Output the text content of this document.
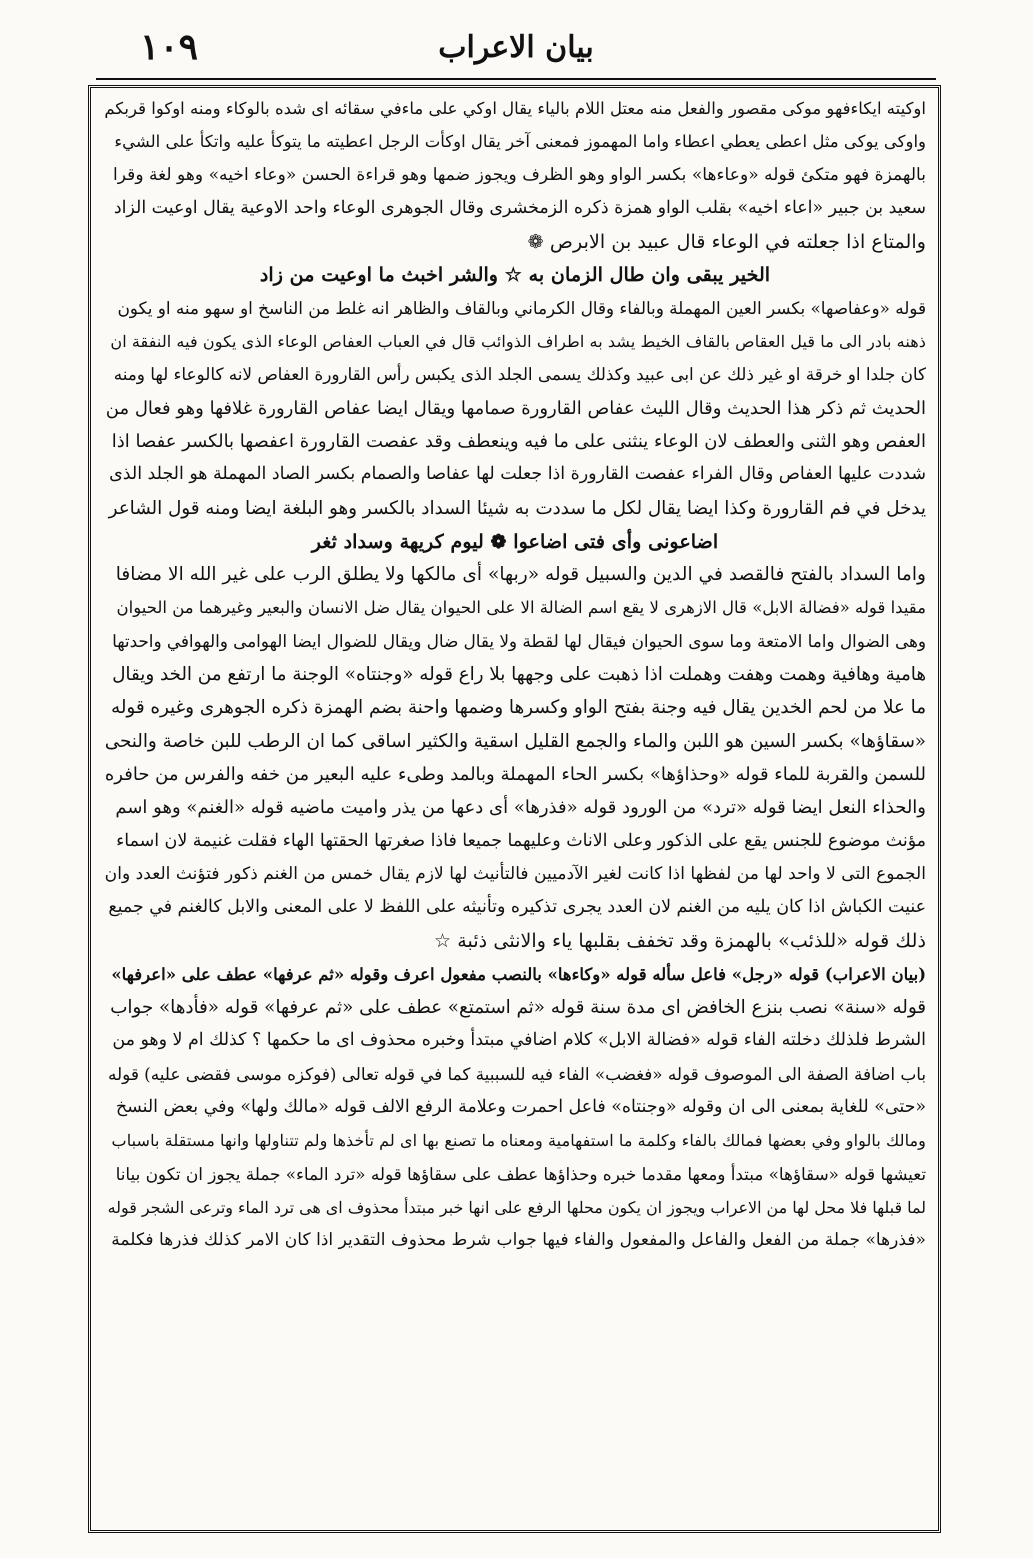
١٠٩	بيان الاعراب
اوكيته ايكاءفهو موكى مقصور والفعل منه معتل اللام بالياء يقال اوكي على ماءفي سقائه اى شده بالوكاء ومنه اوكوا قربكم
واوكى يوكى مثل اعطى يعطي اعطاء واما المهموز فمعنى آخر يقال اوكأت الرجل اعطيته ما يتوكأ عليه واتكأ على الشيء
بالهمزة فهو متكئ قوله «وعاءها» بكسر الواو وهو الظرف ويجوز ضمها وهو قراءة الحسن «وعاء اخيه» وهو لغة وقرا
سعيد بن جبير «اعاء اخيه» بقلب الواو همزة ذكره الزمخشرى وقال الجوهرى الوعاء واحد الاوعية يقال اوعيت الزاد
والمتاع اذا جعلته في الوعاء قال عبيد بن الابرص ❁
الخير يبقى وان طال الزمان به ☆ والشر اخبث ما اوعيت من زاد
قوله «وعفاصها» بكسر العين المهملة وبالفاء وقال الكرماني وبالقاف والظاهر انه غلط من الناسخ او سهو منه او يكون
ذهنه بادر الى ما قيل العقاص بالقاف الخيط يشد به اطراف الذوائب قال في العباب العفاص الوعاء الذى يكون فيه النفقة ان
كان جلدا او خرقة او غير ذلك عن ابى عبيد وكذلك يسمى الجلد الذى يكبس رأس القارورة العفاص لانه كالوعاء لها ومنه
الحديث ثم ذكر هذا الحديث وقال الليث عفاص القارورة صمامها ويقال ايضا عفاص القارورة غلافها وهو فعال من
العفص وهو الثنى والعطف لان الوعاء ينثنى على ما فيه وينعطف وقد عفصت القارورة اعفصها بالكسر عفصا اذا
شددت عليها العفاص وقال الفراء عفصت القارورة اذا جعلت لها عفاصا والصمام بكسر الصاد المهملة هو الجلد الذى
يدخل في فم القارورة وكذا ايضا يقال لكل ما سددت به شيئا السداد بالكسر وهو البلغة ايضا ومنه قول الشاعر
اضاعونى وأى فتى اضاعوا ❁ ليوم كريهة وسداد ثغر
واما السداد بالفتح فالقصد في الدين والسبيل قوله «ربها» أى مالكها ولا يطلق الرب على غير الله الا مضافا
مقيدا قوله «فضالة الابل» قال الازهرى لا يقع اسم الضالة الا على الحيوان يقال ضل الانسان والبعير وغيرهما من الحيوان
وهى الضوال واما الامتعة وما سوى الحيوان فيقال لها لقطة ولا يقال ضال ويقال للضوال ايضا الهوامى والهوافي واحدتها
هامية وهافية وهمت وهفت وهملت اذا ذهبت على وجهها بلا راع قوله «وجنتاه» الوجنة ما ارتفع من الخد ويقال
ما علا من لحم الخدين يقال فيه وجنة بفتح الواو وكسرها وضمها واحنة بضم الهمزة ذكره الجوهرى وغيره قوله
«سقاؤها» بكسر السين هو اللبن والماء والجمع القليل اسقية والكثير اساقى كما ان الرطب للبن خاصة والنحى
للسمن والقربة للماء قوله «وحذاؤها» بكسر الحاء المهملة وبالمد وطىء عليه البعير من خفه والفرس من حافره
والحذاء النعل ايضا قوله «ترد» من الورود قوله «فذرها» أى دعها من يذر واميت ماضيه قوله «الغنم» وهو اسم
مؤنث موضوع للجنس يقع على الذكور وعلى الاناث وعليهما جميعا فاذا صغرتها الحقتها الهاء فقلت غنيمة لان اسماء
الجموع التى لا واحد لها من لفظها اذا كانت لغير الآدميين فالتأنيث لها لازم يقال خمس من الغنم ذكور فتؤنث العدد وان
عنيت الكباش اذا كان يليه من الغنم لان العدد يجرى تذكيره وتأنيثه على اللفظ لا على المعنى والابل كالغنم في جميع
ذلك قوله «للذئب» بالهمزة وقد تخفف بقلبها ياء والانثى ذئبة ☆
(بيان الاعراب) قوله «رجل» فاعل سأله قوله «وكاءها» بالنصب مفعول اعرف وقوله «ثم عرفها» عطف على «اعرفها»
قوله «سنة» نصب بنزع الخافض اى مدة سنة قوله «ثم استمتع» عطف على «ثم عرفها» قوله «فأدها» جواب
الشرط فلذلك دخلته الفاء قوله «فضالة الابل» كلام اضافي مبتدأ وخبره محذوف اى ما حكمها ؟ كذلك ام لا وهو من
باب اضافة الصفة الى الموصوف قوله «فغضب» الفاء فيه للسببية كما في قوله تعالى (فوكزه موسى فقضى عليه) قوله
«حتى» للغاية بمعنى الى ان وقوله «وجنتاه» فاعل احمرت وعلامة الرفع الالف قوله «مالك ولها» وفي بعض النسخ
ومالك بالواو وفي بعضها فمالك بالفاء وكلمة ما استفهامية ومعناه ما تصنع بها اى لم تأخذها ولم تتناولها وانها مستقلة باسباب
تعيشها قوله «سقاؤها» مبتدأ ومعها مقدما خبره وحذاؤها عطف على سقاؤها قوله «ترد الماء» جملة يجوز ان تكون بيانا
لما قبلها فلا محل لها من الاعراب ويجوز ان يكون محلها الرفع على انها خبر مبتدأ محذوف اى هى ترد الماء وترعى الشجر قوله
«فذرها» جملة من الفعل والفاعل والمفعول والفاء فيها جواب شرط محذوف التقدير اذا كان الامر كذلك فذرها فكلمة
